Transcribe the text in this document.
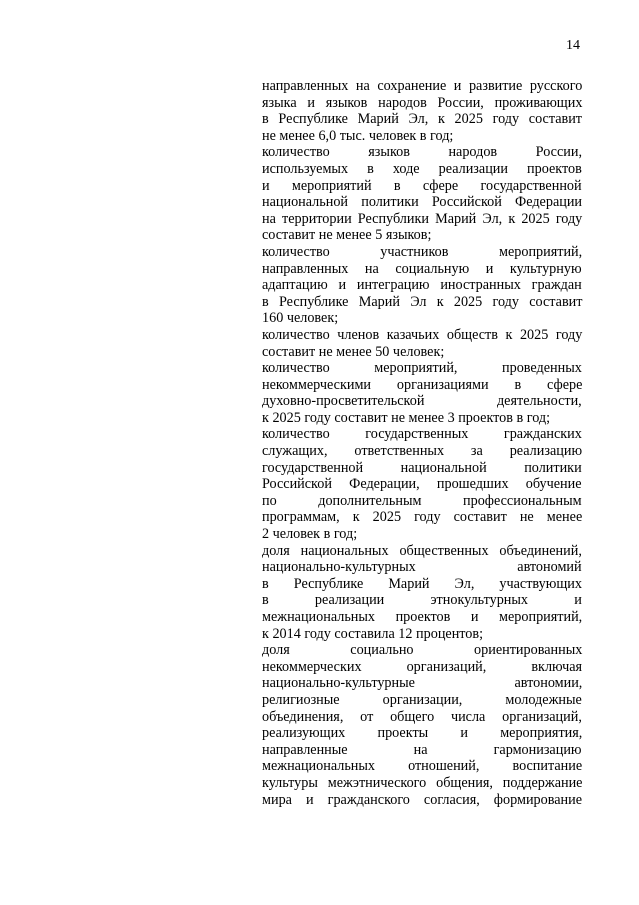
14
направленных на сохранение и развитие русского
языка и языков народов России, проживающих
в Республике Марий Эл, к 2025 году составит
не менее 6,0 тыс. человек в год;
количество языков народов России,
используемых в ходе реализации проектов
и мероприятий в сфере государственной
национальной политики Российской Федерации
на территории Республики Марий Эл, к 2025 году
составит не менее 5 языков;
количество участников мероприятий,
направленных на социальную и культурную
адаптацию и интеграцию иностранных граждан
в Республике Марий Эл к 2025 году составит
160 человек;
количество членов казачьих обществ к 2025 году
составит не менее 50 человек;
количество мероприятий, проведенных
некоммерческими организациями в сфере
духовно-просветительской деятельности,
к 2025 году составит не менее 3 проектов в год;
количество государственных гражданских
служащих, ответственных за реализацию
государственной национальной политики
Российской Федерации, прошедших обучение
по дополнительным профессиональным
программам, к 2025 году составит не менее
2 человек в год;
доля национальных общественных объединений,
национально-культурных автономий
в Республике Марий Эл, участвующих
в реализации этнокультурных и
межнациональных проектов и мероприятий,
к 2014 году составила 12 процентов;
доля социально ориентированных
некоммерческих организаций, включая
национально-культурные автономии,
религиозные организации, молодежные
объединения, от общего числа организаций,
реализующих проекты и мероприятия,
направленные на гармонизацию
межнациональных отношений, воспитание
культуры межэтнического общения, поддержание
мира и гражданского согласия, формирование
